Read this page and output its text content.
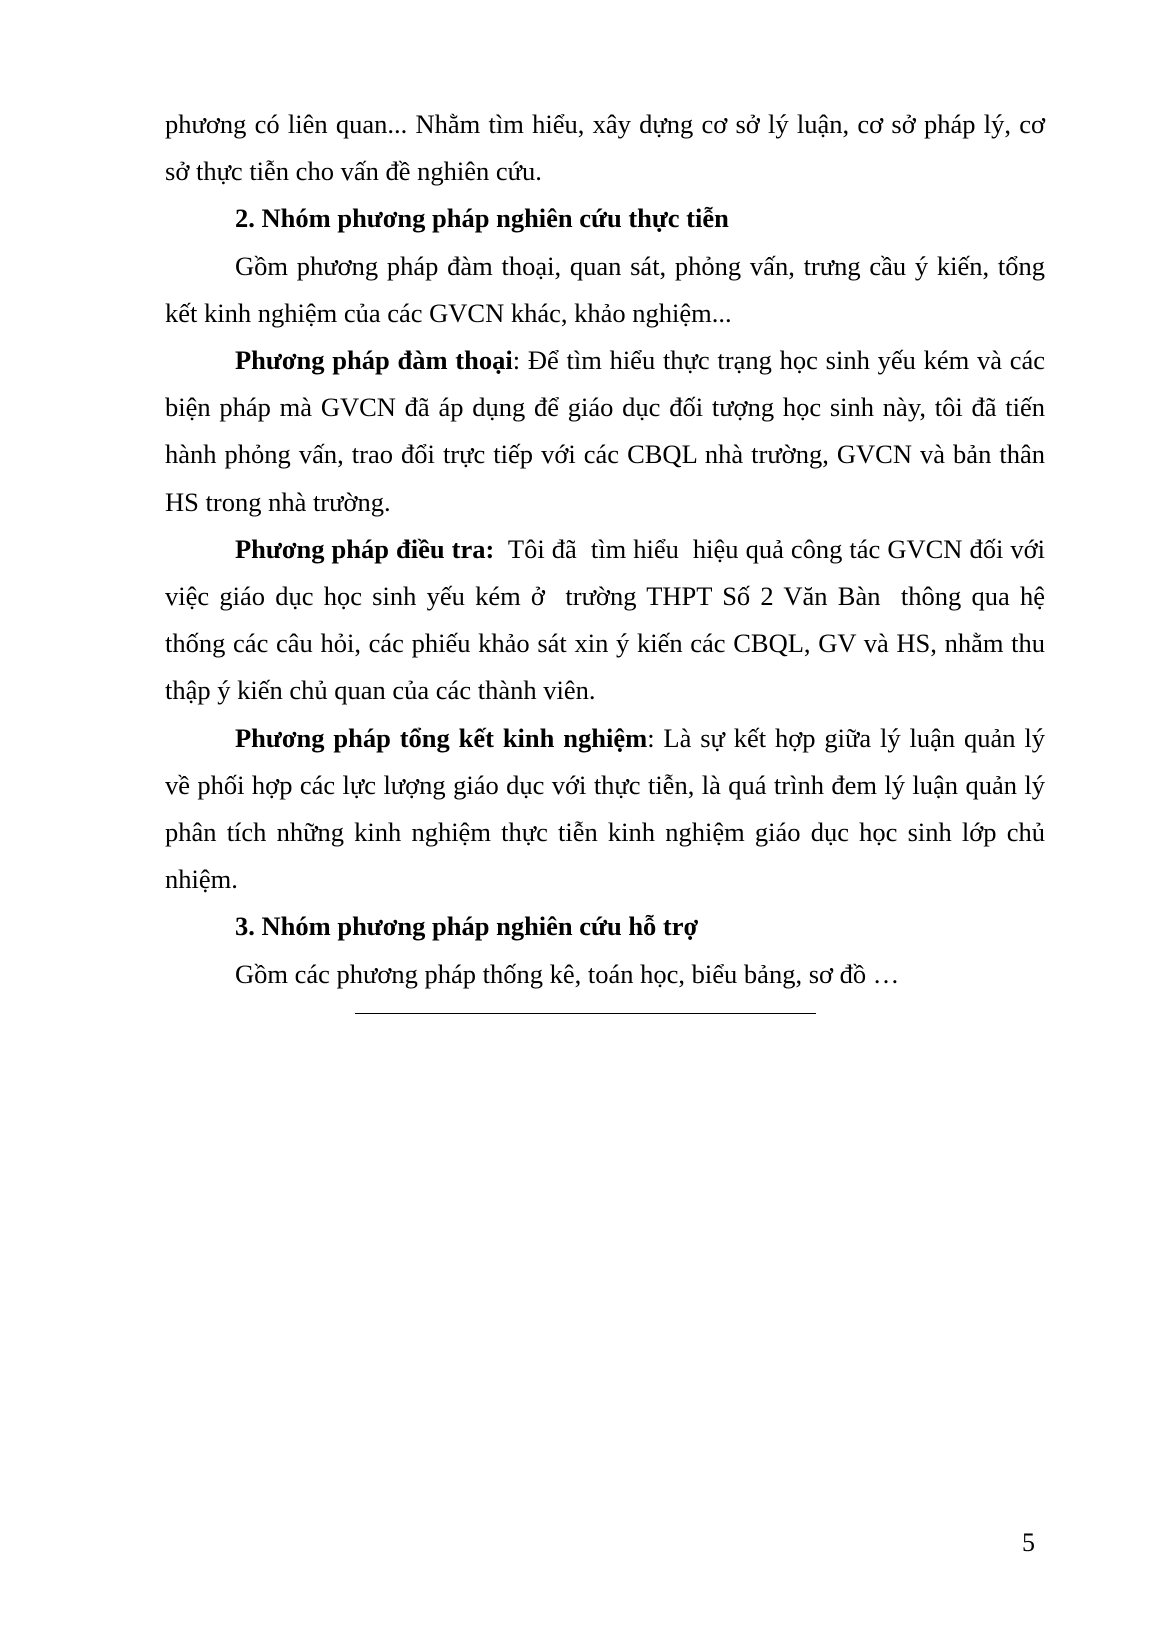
phương có liên quan... Nhằm tìm hiểu, xây dựng cơ sở lý luận, cơ sở pháp lý, cơ sở thực tiễn cho vấn đề nghiên cứu.

2. Nhóm phương pháp nghiên cứu thực tiễn

Gồm phương pháp đàm thoại, quan sát, phỏng vấn, trưng cầu ý kiến, tổng kết kinh nghiệm của các GVCN khác, khảo nghiệm...

Phương pháp đàm thoại: Để tìm hiểu thực trạng học sinh yếu kém và các biện pháp mà GVCN đã áp dụng để giáo dục đối tượng học sinh này, tôi đã tiến hành phỏng vấn, trao đổi trực tiếp với các CBQL nhà trường, GVCN và bản thân HS trong nhà trường.

Phương pháp điều tra:  Tôi đã  tìm hiểu  hiệu quả công tác GVCN đối với việc giáo dục học sinh yếu kém ở  trường THPT Số 2 Văn Bàn  thông qua hệ thống các câu hỏi, các phiếu khảo sát xin ý kiến các CBQL, GV và HS, nhằm thu thập ý kiến chủ quan của các thành viên.

Phương pháp tổng kết kinh nghiệm: Là sự kết hợp giữa lý luận quản lý về phối hợp các lực lượng giáo dục với thực tiễn, là quá trình đem lý luận quản lý phân tích những kinh nghiệm thực tiễn kinh nghiệm giáo dục học sinh lớp chủ nhiệm.

3. Nhóm phương pháp nghiên cứu hỗ trợ

Gồm các phương pháp thống kê, toán học, biểu bảng, sơ đồ …

5
